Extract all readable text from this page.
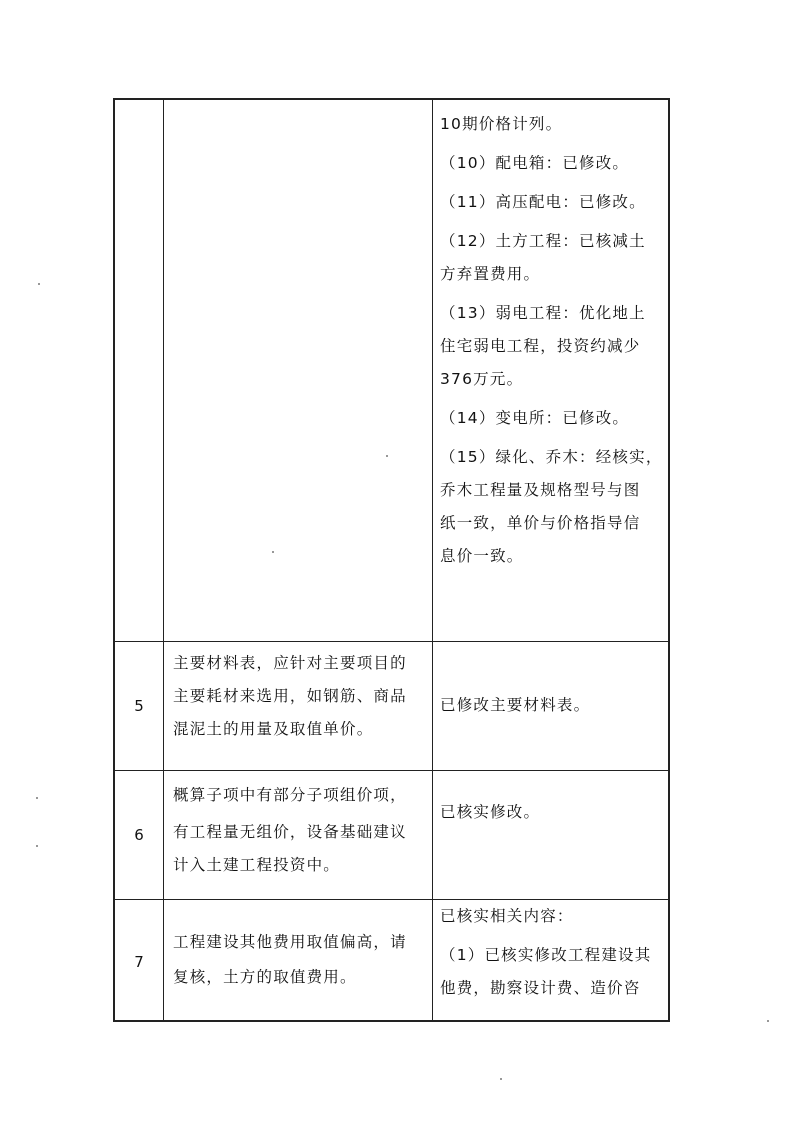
10期价格计列。

（10）配电箱：已修改。

（11）高压配电：已修改。

（12）土方工程：已核减土

方弃置费用。

（13）弱电工程：优化地上

住宅弱电工程，投资约减少

376万元。

（14）变电所：已修改。

（15）绿化、乔木：经核实，

乔木工程量及规格型号与图

纸一致，单价与价格指导信

息价一致。

5

主要材料表，应针对主要项目的

主要耗材来选用，如钢筋、商品

混泥土的用量及取值单价。

已修改主要材料表。

6

概算子项中有部分子项组价项，

有工程量无组价，设备基础建议

计入土建工程投资中。

已核实修改。

7

工程建设其他费用取值偏高，请

复核，土方的取值费用。

已核实相关内容：

（1）已核实修改工程建设其

他费，勘察设计费、造价咨
